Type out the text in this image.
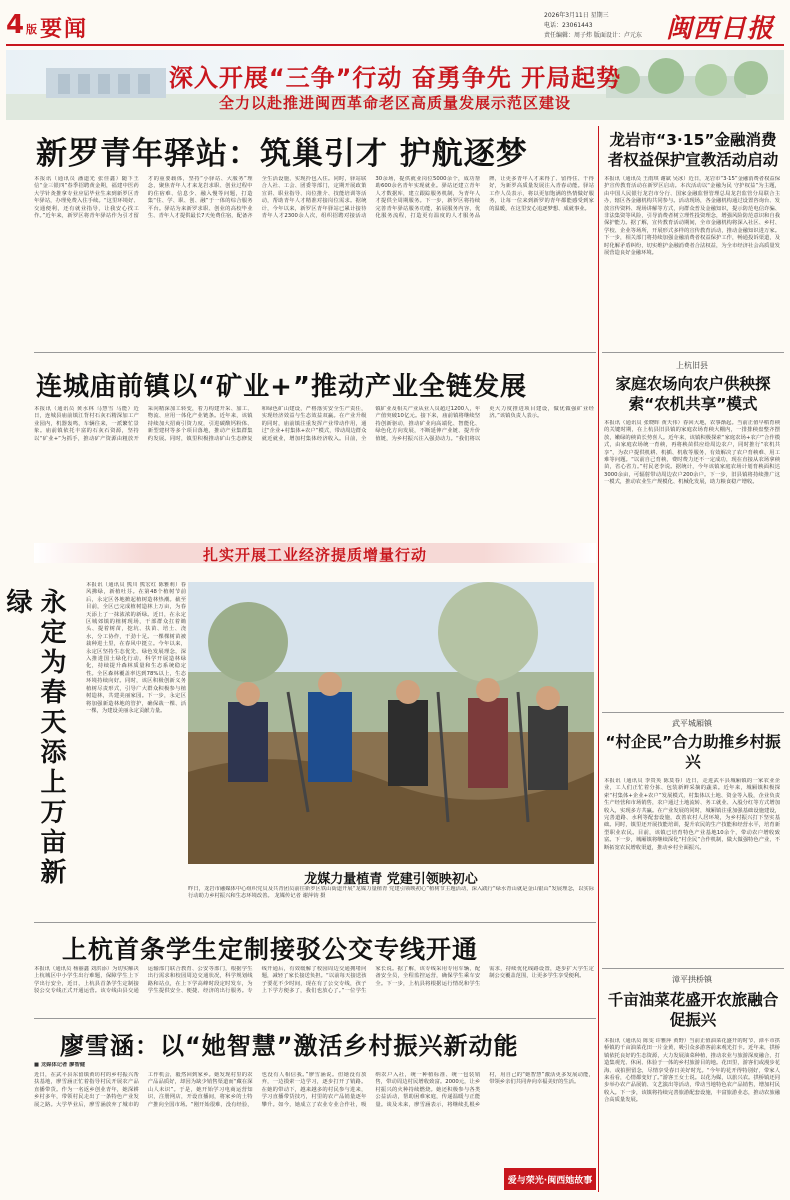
4 版 要闻
2026年3月11日 星期三
电话：23061443
责任编辑：周子炜 版面设计：卢元东 闽西日报
深入开展“三争”行动 奋勇争先 开局起势
全力以赴推进闽西革命老区高质量发展示范区建设
新罗青年驿站：筑巢引才 护航逐梦
本报讯（通讯员 潘道光 张佳鑫）随下王信“金三银四”春季招聘黄金期，福建中医药大学针灸推拿专业应届毕业生来到新罗区青年驿站，办理免费入住手续。“这里环境好、交通便利，还有就业指导，让我安心找工作。”近年来，新罗区将青年驿站作为引才留才的重要载体，坚持“小驿站、大服务”理念，聚焦青年人才来龙岩求职、创业过程中的住宿难、信息少、融入慢等问题，打造集“住、学、职、创、融”于一体的综合服务平台。驿站为来新罗求职、创业的高校毕业生、青年人才提供最长7天免费住宿，配备齐全生活设施，实现拎包入住。同时，驿站联合人社、工会、团委等部门，定期开展政策宣讲、职业指导、岗位推介、技能培训等活动，帮助青年人才精准对接岗位需求。据统计，今年以来，新罗区青年驿站已累计接待青年人才2300余人次，组织招聘对接活动30余场，提供就业岗位5000余个，成功帮助600余名青年实现就业。驿站还建立青年人才数据库，建立跟踪服务机制，为青年人才提供全周期服务。下一步，新罗区将持续完善青年驿站服务功能，拓展服务内容，优化服务流程，打造更有温度的人才服务品牌，让更多青年人才来得了、留得住、干得好，为新罗高质量发展注入青春动能。驿站工作人员表示，将以更加饱满的热情做好服务，让每一位来到新罗的青年都能感受到家的温暖，在这里安心追逐梦想、成就事业。
龙岩市“3·15”金融消费者权益保护宣教活动启动
本报讯（通讯员 王雨琪 谢斌 吴冰）近日，龙岩市“3·15”金融消费者权益保护宣传教育活动在新罗区启动。本次活动以“金融为民 守护权益”为主题，由中国人民银行龙岩市分行、国家金融监督管理总局龙岩监管分局联合主办，辖区各金融机构共同参与。活动现场，各金融机构通过设置咨询台、发放宣传资料、现场讲解等方式，向群众普及金融知识，提示防范电信诈骗、非法集资等风险，引导消费者树立理性投资理念，增强风险防范意识和自我保护能力。据了解，宣传教育活动期间，全市金融机构将深入社区、乡村、学校、企业等场所，开展形式多样的宣传教育活动，推动金融知识进万家。下一步，相关部门将持续加强金融消费者权益保护工作，畅通投诉渠道，及时化解矛盾纠纷，切实维护金融消费者合法权益，为全市经济社会高质量发展营造良好金融环境。
连城庙前镇以“矿业+”推动产业全链发展
本报讯（通讯员 黄水林 马慧雪 马能）近日，连城县庙前镇江背村石灰石精深加工产业园内，机器轰鸣，车辆往来，一派繁忙景象。庙前镇依托丰富的石灰石资源，坚持以“矿业+”为抓手，推动矿产资源由粗放开采向精深加工转变，着力构建开采、加工、物流、应用一体化产业链条。近年来，该镇持续加大招商引资力度，引进碳酸钙粉体、新型建材等多个项目落地，推动产业集群集约发展。同时，镇里积极推动矿山生态修复和绿色矿山建设，严格落实安全生产责任，实现经济效益与生态效益双赢。在产业升级的同时，庙前镇注重发挥产业带动作用，通过“企业+村集体+农户”模式，带动周边群众就近就业，增加村集体经济收入。目前，全镇矿业及相关产业从业人员超过1200人，年产值突破10亿元。接下来，庙前镇将继续坚持创新驱动，推动矿业向高端化、智能化、绿色化方向发展，不断延伸产业链、提升价值链，为乡村振兴注入强劲动力。“我们将以更大力度推进项目建设，做优做强矿业经济。”该镇负责人表示。
上杭旧县
家庭农场向农户供秧探索“农机共享”模式
本报讯（通讯员 张晓晖 黄天伟）春回大地，农事渐起。当前正值早稻育秧的关键时期，在上杭县旧县镇的家庭农场育秧大棚内，一排排秧盘整齐摆放，嫩绿的秧苗长势喜人。近年来，该镇积极探索“家庭农场+农户”合作模式，由家庭农场统一育秧，再将秧苗供应给周边农户，同时推行“农机共享”，为农户提供机耕、机插、机收等服务，有效解决了农户育秧难、用工难等问题。“以前自己育秧，费时费力还不一定成功，现在直接从农场拿秧苗，省心省力。”村民老李说。据统计，今年该镇家庭农场计划育秧面积达3000余亩，可辐射带动周边农户200余户。下一步，旧县镇将持续推广这一模式，推动农业生产规模化、机械化发展，助力粮食稳产增收。
扎实开展工业经济提质增量行动
永定为春天添上万亩新绿
本报讯（通讯员 熊川 熊宏红 陈雅莉）春风拂绿，新植吐芬。在第48个植树节前后，永定区各地掀起植树造林热潮。截至目前，全区已完成植树造林上万亩，为春天添上了一抹浓浓的新绿。近日，在永定区城郊镇的植树现场，干部群众扛着锄头、提着树苗，挖坑、扶苗、培土、浇水，分工协作，干劲十足。一棵棵树苗被栽种进土里，在春风中挺立。今年以来，永定区坚持生态优先、绿色发展理念，深入推进国土绿化行动，科学开展造林绿化，持续提升森林质量和生态系统稳定性。全区森林覆盖率达到78%以上，生态环境持续向好。同时，该区积极创新义务植树尽责形式，引导广大群众积极参与植树造林，共建美丽家园。下一步，永定区将加强新造林地的管护，确保栽一棵、活一棵，为建设美丽永定贡献力量。
龙媒力量植青 党建引领映初心
昨日，龙岩市融媒体中心组织党员及共青团员前往新罗区铁山街道开展“龙媒力量植青 党建引领映初心”植树节主题活动，深入践行“绿水青山就是金山银山”发展理念，以实际行动助力乡村振兴和生态环境改善。 龙媒传记者 谢萍钧 摄
上杭首条学生定制接驳公交专线开通
本报讯（通讯员 杨丽鑫 刘洪添）为切实解决上杭城区中小学生出行难题，保障学生上下学出行安全，近日，上杭县首条学生定制接驳公交专线正式开通运营。该专线由县交通运输部门联合教育、公安等部门，根据学生出行需求和校园周边交通状况，科学规划线路和站点，在上下学高峰时段定时发车，为学生提供安全、便捷、经济的出行服务。专线开通后，有效缓解了校园周边交通拥堵问题，减轻了家长接送负担。“以前每天接送孩子要花不少时间，现在有了公交专线，孩子上下学方便多了，我们也放心了。”一位学生家长说。据了解，该专线采用专用车辆，配备安全员，全程监控运营，确保学生乘车安全。下一步，上杭县将根据运行情况和学生需求，持续优化线路设置，逐步扩大学生定制公交覆盖范围，让更多学生享受便利。
廖雪涵：以“她智慧”激活乡村振兴新动能
■ 龙媒体记者 廖智健
近日，在武平县东留镇黄坊村的乡村振兴帮扶基地，廖雪涵正忙着指导村民开展农产品直播带货。作为一名返乡创业青年，她深耕乡村多年，带领村民走出了一条特色产业发展之路。大学毕业后，廖雪涵放弃了城市的工作机会，毅然回到家乡。她发现村里的农产品品质好，却因为缺少销售渠道而“藏在深山人未识”。于是，她开始学习电商运营知识，注册网店，开设直播间，将家乡的土特产推向全国市场。“刚开始很难，没有经验，也没有人相信我。”廖雪涵说。但她没有放弃，一边摸索一边学习，逐步打开了销路。在她的带动下，越来越多的村民参与进来，学习直播带货技巧，村里的农产品销量逐年攀升。如今，她成立了农业专业合作社，吸纳农户入社，统一种植标准、统一包装销售，带动周边村民增收致富。2000元，让乡村振兴的火种持续燃烧。她还积极参与各类公益活动，帮助困难家庭，传递温暖与正能量。谈及未来，廖雪涵表示，将继续扎根乡村，用自己的“她智慧”激活更多发展动能，带领乡亲们共同奔向幸福美好的生活。
爱与荣光·闽西她故事
武平城厢镇
“村企民”合力助推乡村振兴
本报讯（通讯员 李贵英 陈莫春）近日，走进武平县城厢镇的一家农业企业，工人们正忙着分拣、包装新鲜采摘的蔬菜。近年来，城厢镇积极探索“村集体+企业+农户”发展模式，村集体以土地、资金等入股，企业负责生产经营和市场销售，农户通过土地流转、务工就业、入股分红等方式增加收入，实现多方共赢。在产业发展的同时，城厢镇注重加强基础设施建设，完善道路、水利等配套设施，改善农村人居环境，为乡村振兴打下坚实基础。同时，镇里还开展技能培训，提升农民的生产技能和经营水平，培育新型职业农民。目前，该镇已培育特色产业基地10余个，带动农户增收致富。下一步，城厢镇将继续深化“村企民”合作机制，做大做强特色产业，不断拓宽农民增收渠道，推动乡村全面振兴。
漳平拱桥镇
千亩油菜花盛开农旅融合促振兴
本报讯（通讯员 陈雯 许雅萍 黄野）当前正值油菜花盛开的时节，漳平市拱桥镇的千亩油菜花田一片金黄，吸引众多游客前来观光打卡。近年来，拱桥镇依托良好的生态资源，大力发展油菜种植，推动农业与旅游深度融合，打造集观光、休闲、体验于一体的乡村旅游目的地。花田里，游客们或漫步花海、或拍照留念，尽情享受春日美好时光。“今年的花开得特别好，带家人来看看，心情都变好了。”游客王女士说。以花为媒，以旅兴农。拱桥镇还同步举办农产品展销、文艺演出等活动，带动当地特色农产品销售，增加村民收入。下一步，该镇将持续完善旅游配套设施，丰富旅游业态，推动农旅融合高质量发展。
